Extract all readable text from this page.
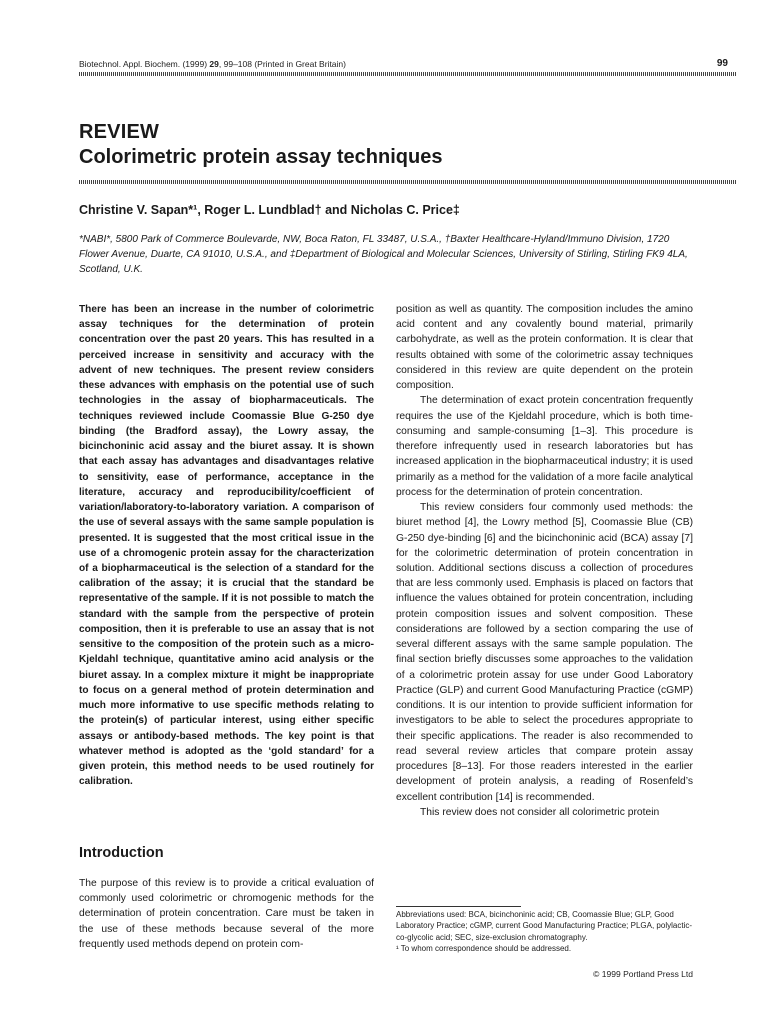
Biotechnol. Appl. Biochem. (1999) 29, 99–108 (Printed in Great Britain)	99
REVIEW
Colorimetric protein assay techniques
Christine V. Sapan*¹, Roger L. Lundblad† and Nicholas C. Price‡
*NABI*, 5800 Park of Commerce Boulevarde, NW, Boca Raton, FL 33487, U.S.A., †Baxter Healthcare-Hyland/Immuno Division, 1720 Flower Avenue, Duarte, CA 91010, U.S.A., and ‡Department of Biological and Molecular Sciences, University of Stirling, Stirling FK9 4LA, Scotland, U.K.

There has been an increase in the number of colorimetric assay techniques for the determination of protein concentration over the past 20 years. This has resulted in a perceived increase in sensitivity and accuracy with the advent of new techniques. The present review considers these advances with emphasis on the potential use of such technologies in the assay of biopharmaceuticals. The techniques reviewed include Coomassie Blue G-250 dye binding (the Bradford assay), the Lowry assay, the bicinchoninic acid assay and the biuret assay. It is shown that each assay has advantages and disadvantages relative to sensitivity, ease of performance, acceptance in the literature, accuracy and reproducibility/coefficient of variation/laboratory-to-laboratory variation. A comparison of the use of several assays with the same sample population is presented. It is suggested that the most critical issue in the use of a chromogenic protein assay for the characterization of a biopharmaceutical is the selection of a standard for the calibration of the assay; it is crucial that the standard be representative of the sample. If it is not possible to match the standard with the sample from the perspective of protein composition, then it is preferable to use an assay that is not sensitive to the composition of the protein such as a micro-Kjeldahl technique, quantitative amino acid analysis or the biuret assay. In a complex mixture it might be inappropriate to focus on a general method of protein determination and much more informative to use specific methods relating to the protein(s) of particular interest, using either specific assays or antibody-based methods. The key point is that whatever method is adopted as the ‘gold standard’ for a given protein, this method needs to be used routinely for calibration.

Introduction

The purpose of this review is to provide a critical evaluation of commonly used colorimetric or chromogenic methods for the determination of protein concentration. Care must be taken in the use of these methods because several of the more frequently used methods depend on protein com-

position as well as quantity. The composition includes the amino acid content and any covalently bound material, primarily carbohydrate, as well as the protein conformation. It is clear that results obtained with some of the colorimetric assay techniques considered in this review are quite dependent on the protein composition.

The determination of exact protein concentration frequently requires the use of the Kjeldahl procedure, which is both time-consuming and sample-consuming [1–3]. This procedure is therefore infrequently used in research laboratories but has increased application in the biopharmaceutical industry; it is used primarily as a method for the validation of a more facile analytical process for the determination of protein concentration.

This review considers four commonly used methods: the biuret method [4], the Lowry method [5], Coomassie Blue (CB) G-250 dye-binding [6] and the bicinchoninic acid (BCA) assay [7] for the colorimetric determination of protein concentration in solution. Additional sections discuss a collection of procedures that are less commonly used. Emphasis is placed on factors that influence the values obtained for protein concentration, including protein composition issues and solvent composition. These considerations are followed by a section comparing the use of several different assays with the same sample population. The final section briefly discusses some approaches to the validation of a colorimetric protein assay for use under Good Laboratory Practice (GLP) and current Good Manufacturing Practice (cGMP) conditions. It is our intention to provide sufficient information for investigators to be able to select the procedures appropriate to their specific applications. The reader is also recommended to read several review articles that compare protein assay procedures [8–13]. For those readers interested in the earlier development of protein analysis, a reading of Rosenfeld’s excellent contribution [14] is recommended.

This review does not consider all colorimetric protein

Abbreviations used: BCA, bicinchoninic acid; CB, Coomassie Blue; GLP, Good Laboratory Practice; cGMP, current Good Manufacturing Practice; PLGA, polylactic-co-glycolic acid; SEC, size-exclusion chromatography.
¹ To whom correspondence should be addressed.
© 1999 Portland Press Ltd
